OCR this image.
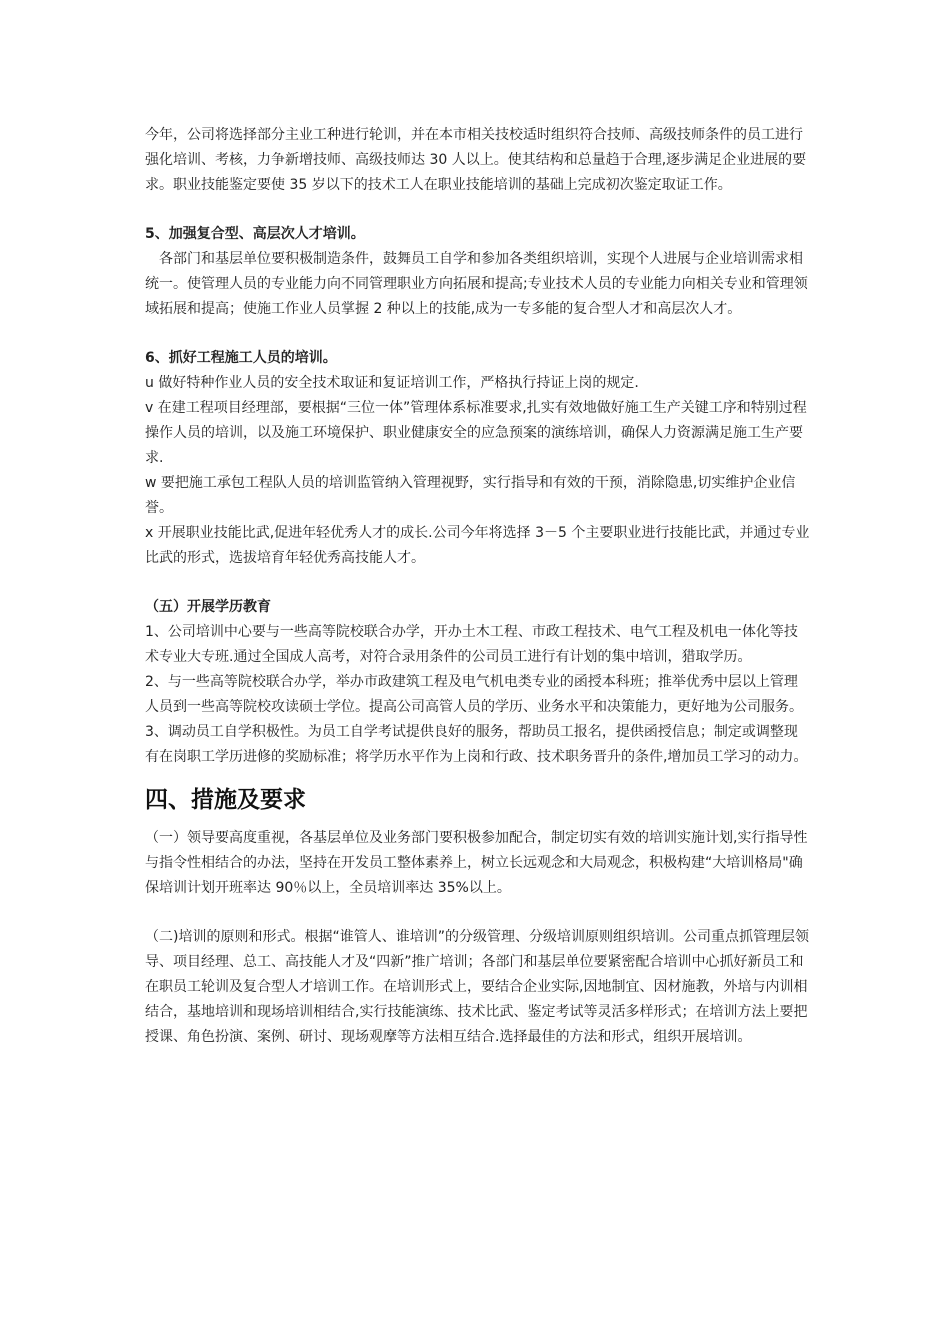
今年，公司将选择部分主业工种进行轮训，并在本市相关技校适时组织符合技师、高级技师条件的员工进行强化培训、考核，力争新增技师、高级技师达 30 人以上。使其结构和总量趋于合理,逐步满足企业进展的要求。职业技能鉴定要使 35 岁以下的技术工人在职业技能培训的基础上完成初次鉴定取证工作。

5、加强复合型、高层次人才培训。

各部门和基层单位要积极制造条件，鼓舞员工自学和参加各类组织培训，实现个人进展与企业培训需求相统一。使管理人员的专业能力向不同管理职业方向拓展和提高;专业技术人员的专业能力向相关专业和管理领域拓展和提高；使施工作业人员掌握 2 种以上的技能,成为一专多能的复合型人才和高层次人才。

6、抓好工程施工人员的培训。

u 做好特种作业人员的安全技术取证和复证培训工作，严格执行持证上岗的规定.

v 在建工程项目经理部，要根据“三位一体”管理体系标准要求,扎实有效地做好施工生产关键工序和特别过程操作人员的培训，以及施工环境保护、职业健康安全的应急预案的演练培训，确保人力资源满足施工生产要求.

w 要把施工承包工程队人员的培训监管纳入管理视野，实行指导和有效的干预，消除隐患,切实维护企业信誉。

x 开展职业技能比武,促进年轻优秀人才的成长.公司今年将选择 3－5 个主要职业进行技能比武，并通过专业比武的形式，选拔培育年轻优秀高技能人才。

（五）开展学历教育

1、公司培训中心要与一些高等院校联合办学，开办土木工程、市政工程技术、电气工程及机电一体化等技术专业大专班.通过全国成人高考，对符合录用条件的公司员工进行有计划的集中培训，猎取学历。

2、与一些高等院校联合办学，举办市政建筑工程及电气机电类专业的函授本科班；推举优秀中层以上管理人员到一些高等院校攻读硕士学位。提高公司高管人员的学历、业务水平和决策能力，更好地为公司服务。

3、调动员工自学积极性。为员工自学考试提供良好的服务，帮助员工报名，提供函授信息；制定或调整现有在岗职工学历进修的奖励标准；将学历水平作为上岗和行政、技术职务晋升的条件,增加员工学习的动力。

四、措施及要求

（一）领导要高度重视，各基层单位及业务部门要积极参加配合，制定切实有效的培训实施计划,实行指导性与指令性相结合的办法，坚持在开发员工整体素养上，树立长远观念和大局观念，积极构建“大培训格局"确保培训计划开班率达 90％以上，全员培训率达 35%以上。

（二)培训的原则和形式。根据“谁管人、谁培训”的分级管理、分级培训原则组织培训。公司重点抓管理层领导、项目经理、总工、高技能人才及“四新”推广培训；各部门和基层单位要紧密配合培训中心抓好新员工和在职员工轮训及复合型人才培训工作。在培训形式上，要结合企业实际,因地制宜、因材施教，外培与内训相结合，基地培训和现场培训相结合,实行技能演练、技术比武、鉴定考试等灵活多样形式；在培训方法上要把授课、角色扮演、案例、研讨、现场观摩等方法相互结合.选择最佳的方法和形式，组织开展培训。
